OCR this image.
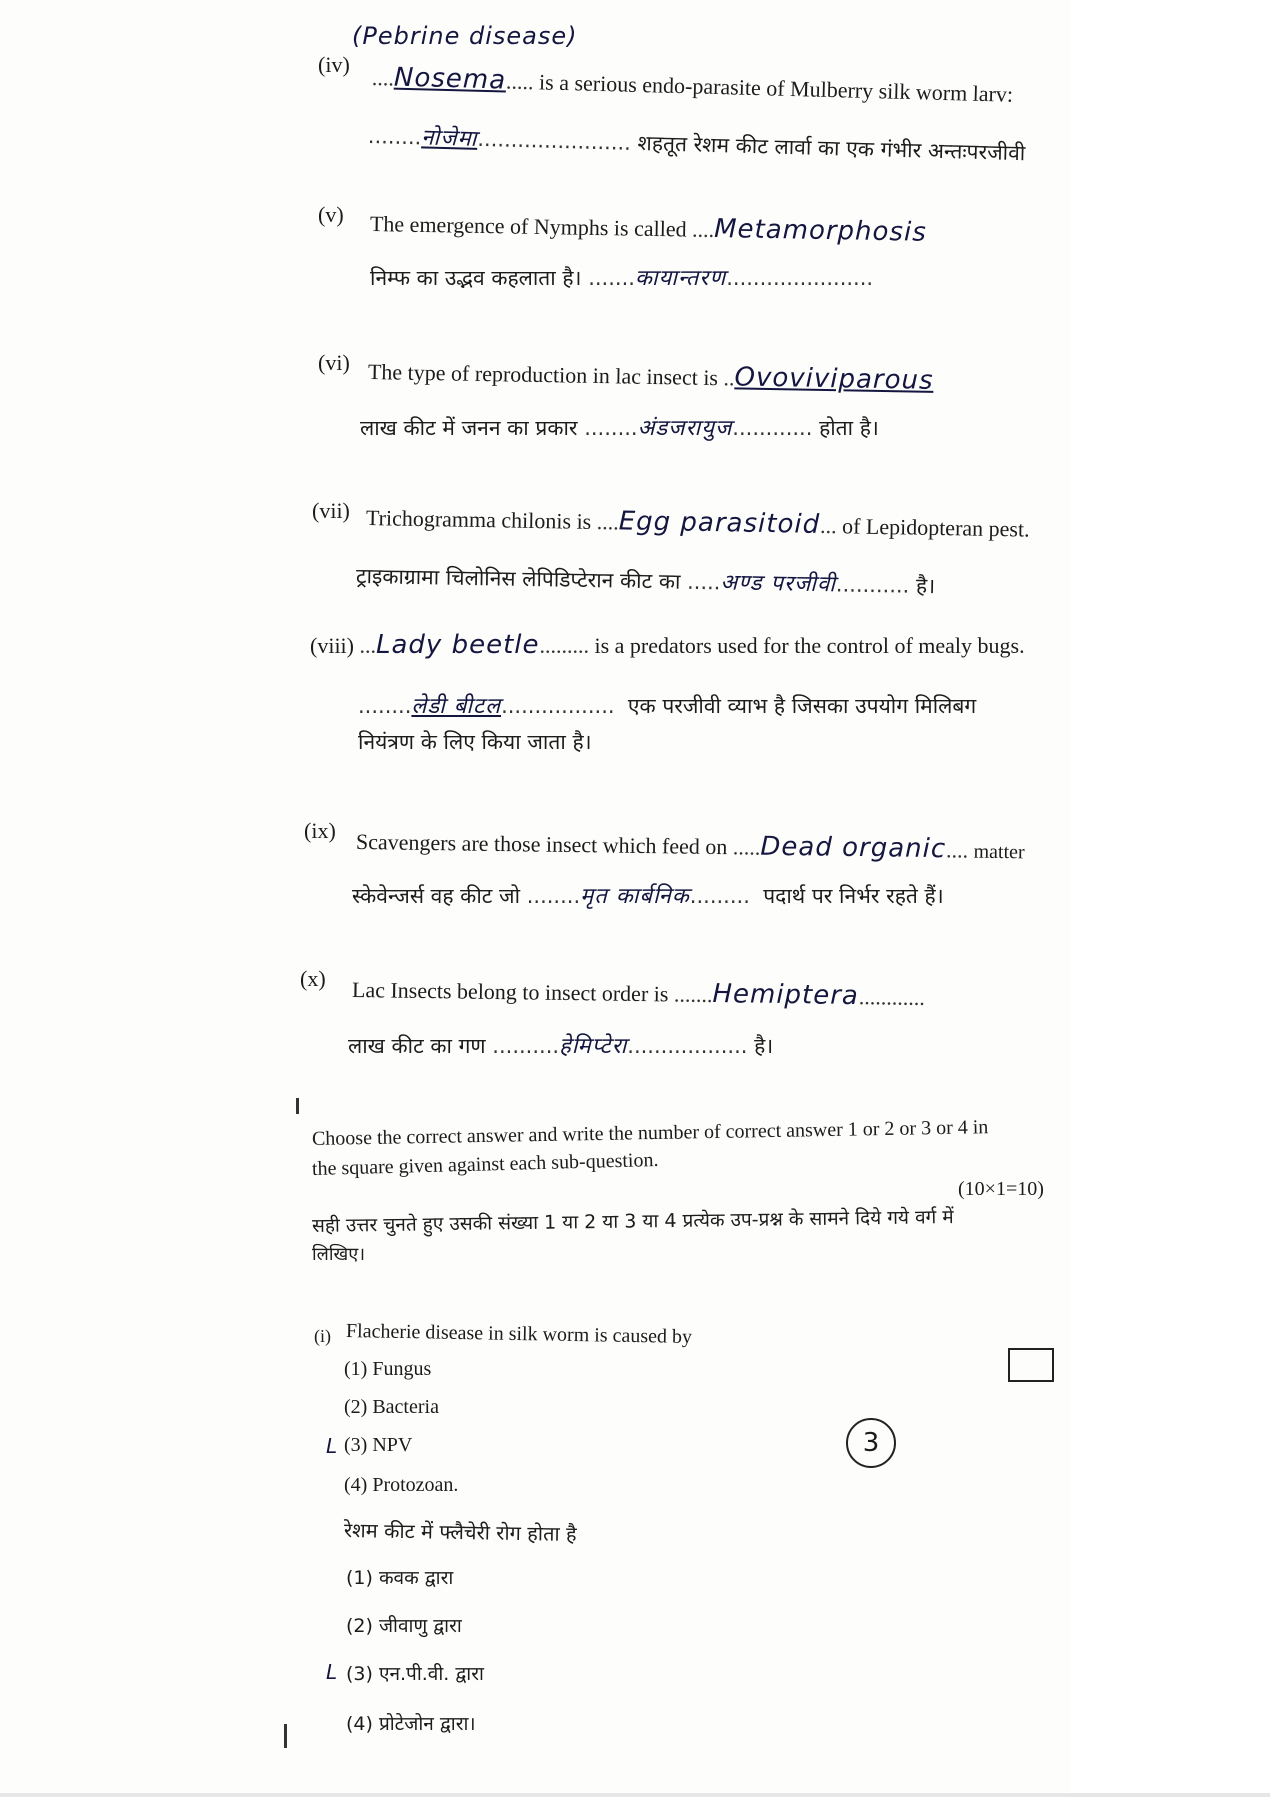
(Pebrine disease)
(iv)
....Nosema..... is a serious endo-parasite of Mulberry silk worm larv:
........नोजेमा....................... शहतूत रेशम कीट लार्वा का एक गंभीर अन्तःपरजीवी
(v) The emergence of Nymphs is called ....Metamorphosis
निम्फ का उद्भव कहलाता है। .......कायान्तरण......................
(vi) The type of reproduction in lac insect is ..Ovoviviparous
लाख कीट में जनन का प्रकार ........अंडजरायुज............ होता है।
(vii) Trichogramma chilonis is ....Egg parasitoid... of Lepidopteran pest.
ट्राइकाग्रामा चिलोनिस लेपिडिप्टेरान कीट का .....अण्ड परजीवी........... है।
(viii) ...Lady beetle......... is a predators used for the control of mealy bugs.
........लेडी बीटल................. एक परजीवी व्याभ है जिसका उपयोग मिलिबग
नियंत्रण के लिए किया जाता है।
(ix) Scavengers are those insect which feed on .....Dead organic.... matter
स्केवेन्जर्स वह कीट जो ........मृत कार्बनिक......... पदार्थ पर निर्भर रहते हैं।
(x) Lac Insects belong to insect order is .......Hemiptera............
लाख कीट का गण ..........हेमिप्टेरा.................. है।
Choose the correct answer and write the number of correct answer 1 or 2 or 3 or 4 in
the square given against each sub-question.
(10×1=10)
सही उत्तर चुनते हुए उसकी संख्या 1 या 2 या 3 या 4 प्रत्येक उप-प्रश्न के सामने दिये गये वर्ग में
लिखिए।
(i) Flacherie disease in silk worm is caused by
(1) Fungus
(2) Bacteria
L (3) NPV
(4) Protozoan.
3
रेशम कीट में फ्लैचेरी रोग होता है
(1) कवक द्वारा
(2) जीवाणु द्वारा
L (3) एन.पी.वी. द्वारा
(4) प्रोटेजोन द्वारा।
